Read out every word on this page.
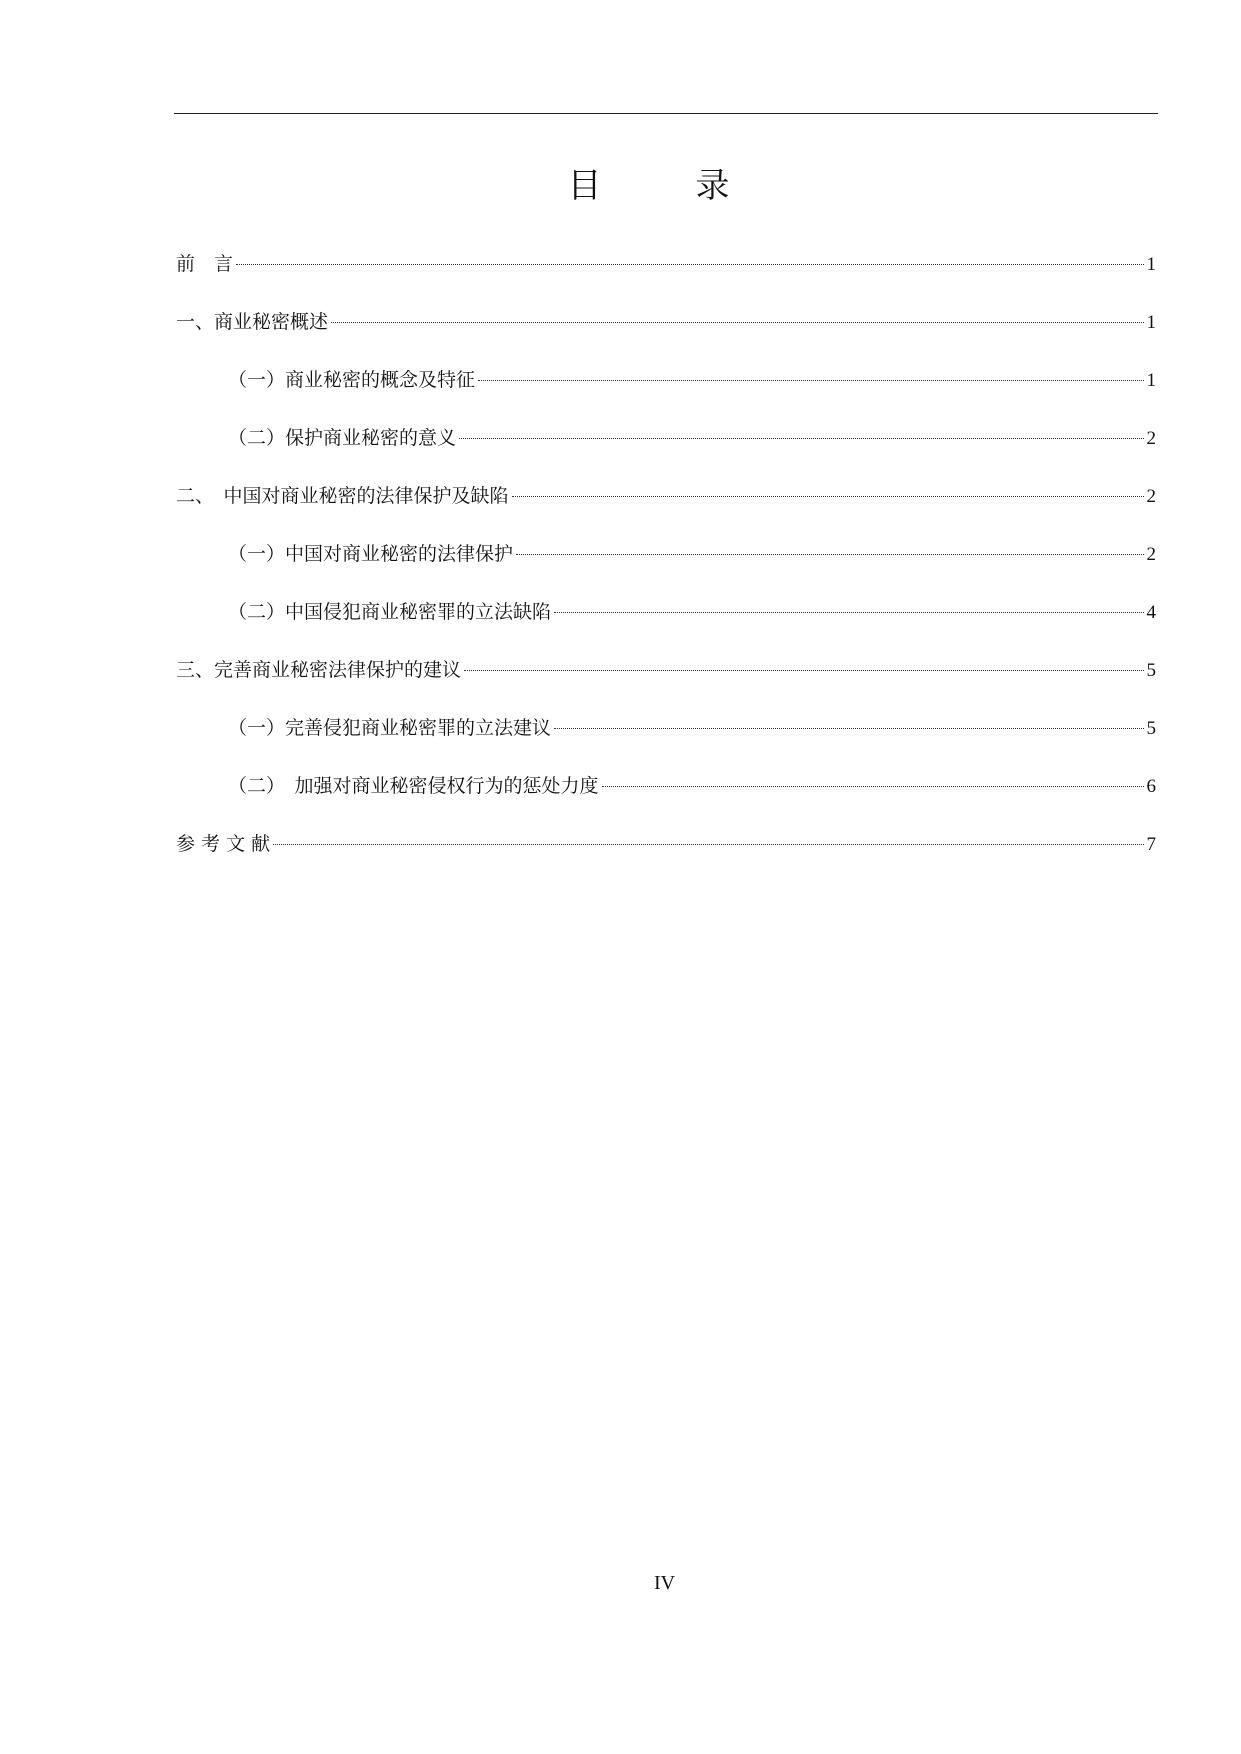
目　录
前　言	1
一、商业秘密概述	1
（一）商业秘密的概念及特征	1
（二）保护商业秘密的意义	2
二、　中国对商业秘密的法律保护及缺陷	2
（一）中国对商业秘密的法律保护	2
（二）中国侵犯商业秘密罪的立法缺陷	4
三、完善商业秘密法律保护的建议	5
（一）完善侵犯商业秘密罪的立法建议	5
（二）　加强对商业秘密侵权行为的惩处力度	6
参 考 文 献	7
IV
